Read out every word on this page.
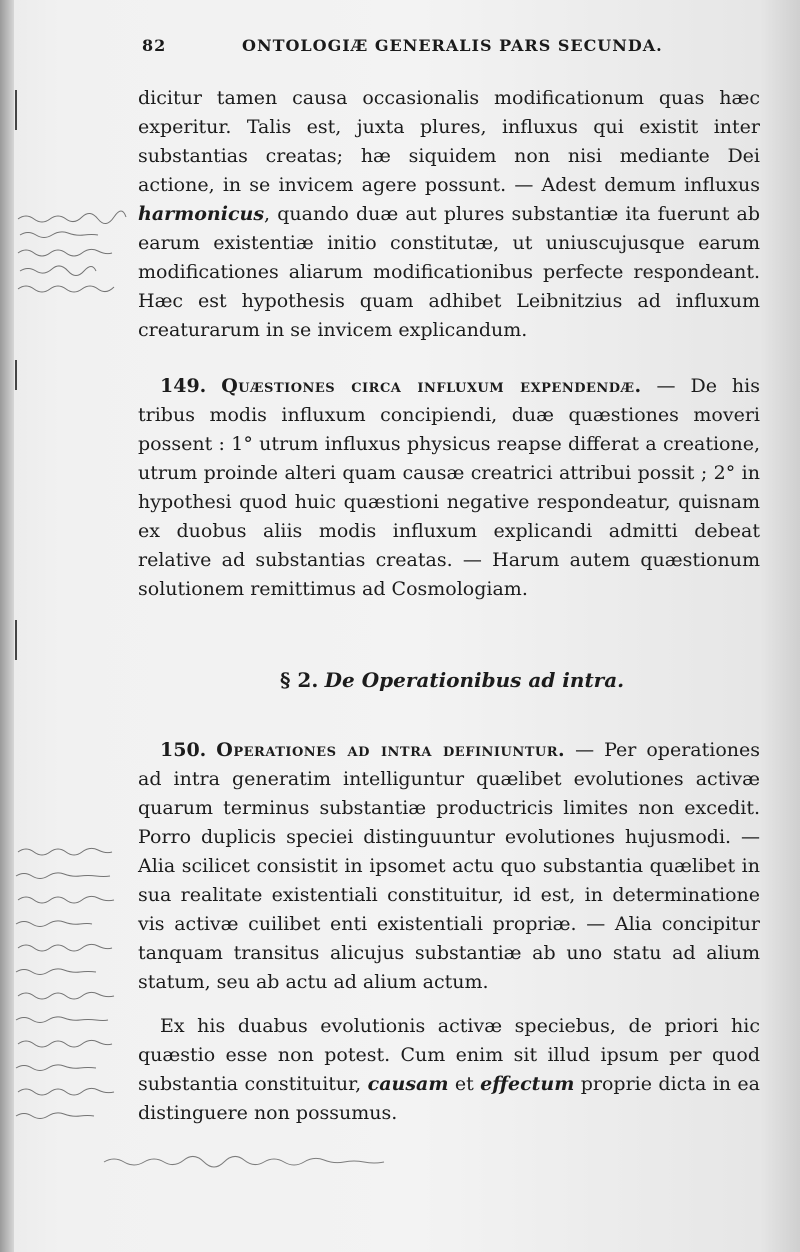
82	ONTOLOGIÆ GENERALIS PARS SECUNDA.

dicitur tamen causa occasionalis modificationum quas hæc experitur. Talis est, juxta plures, influxus qui existit inter substantias creatas; hæ siquidem non nisi mediante Dei actione, in se invicem agere possunt. — Adest demum influxus harmonicus, quando duæ aut plures substantiæ ita fuerunt ab earum existentiæ initio constitutæ, ut uniuscujusque earum modificationes aliarum modificationibus perfecte respondeant. Hæc est hypothesis quam adhibet Leibnitzius ad influxum creaturarum in se invicem explicandum.

149. Quæstiones circa influxum expendendæ. — De his tribus modis influxum concipiendi, duæ quæstiones moveri possent : 1° utrum influxus physicus reapse differat a creatione, utrum proinde alteri quam causæ creatrici attribui possit ; 2° in hypothesi quod huic quæstioni negative respondeatur, quisnam ex duobus aliis modis influxum explicandi admitti debeat relative ad substantias creatas. — Harum autem quæstionum solutionem remittimus ad Cosmologiam.

§ 2. De Operationibus ad intra.

150. Operationes ad intra definiuntur. — Per operationes ad intra generatim intelliguntur quælibet evolutiones activæ quarum terminus substantiæ productricis limites non excedit. Porro duplicis speciei distinguuntur evolutiones hujusmodi. — Alia scilicet consistit in ipsomet actu quo substantia quælibet in sua realitate existentiali constituitur, id est, in determinatione vis activæ cuilibet enti existentiali propriæ. — Alia concipitur tanquam transitus alicujus substantiæ ab uno statu ad alium statum, seu ab actu ad alium actum.

Ex his duabus evolutionis activæ speciebus, de priori hic quæstio esse non potest. Cum enim sit illud ipsum per quod substantia constituitur, causam et effectum proprie dicta in ea distinguere non possumus.
